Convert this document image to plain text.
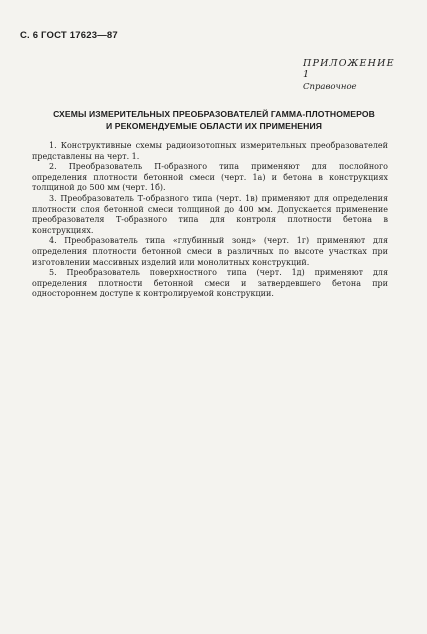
С. 6 ГОСТ 17623—87
ПРИЛОЖЕНИЕ 1
Справочное
СХЕМЫ ИЗМЕРИТЕЛЬНЫХ ПРЕОБРАЗОВАТЕЛЕЙ ГАММА-ПЛОТНОМЕРОВ
И РЕКОМЕНДУЕМЫЕ ОБЛАСТИ ИХ ПРИМЕНЕНИЯ

1. Конструктивные схемы радиоизотопных измерительных преобразователей представлены на черт. 1.

2. Преобразователь П-образного типа применяют для послойного определения плотности бетонной смеси (черт. 1а) и бетона в конструкциях толщиной до 500 мм (черт. 1б).

3. Преобразователь Т-образного типа (черт. 1в) применяют для определения плотности слоя бетонной смеси толщиной до 400 мм. Допускается применение преобразователя Т-образного типа для контроля плотности бетона в конструкциях.

4. Преобразователь типа «глубинный зонд» (черт. 1г) применяют для определения плотности бетонной смеси в различных по высоте участках при изготовлении массивных изделий или монолитных конструкций.

5. Преобразователь поверхностного типа (черт. 1д) применяют для определения плотности бетонной смеси и затвердевшего бетона при одностороннем доступе к контролируемой конструкции.
